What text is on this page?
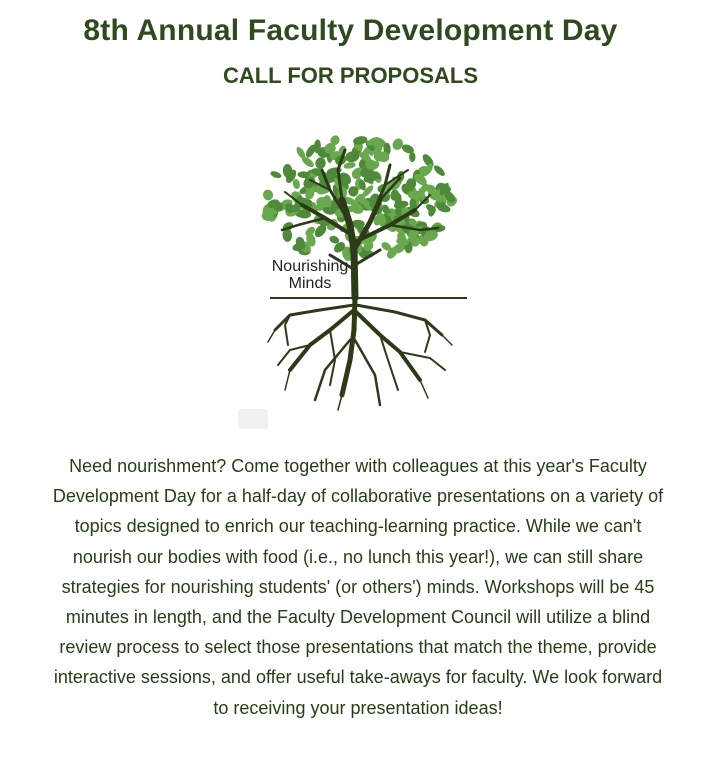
8th Annual Faculty Development Day
CALL FOR PROPOSALS
Nourishing
Minds

Need nourishment? Come together with colleagues at this year's Faculty Development Day for a half-day of collaborative presentations on a variety of topics designed to enrich our teaching-learning practice. While we can't nourish our bodies with food (i.e., no lunch this year!), we can still share strategies for nourishing students' (or others') minds. Workshops will be 45 minutes in length, and the Faculty Development Council will utilize a blind review process to select those presentations that match the theme, provide interactive sessions, and offer useful take-aways for faculty. We look forward to receiving your presentation ideas!
